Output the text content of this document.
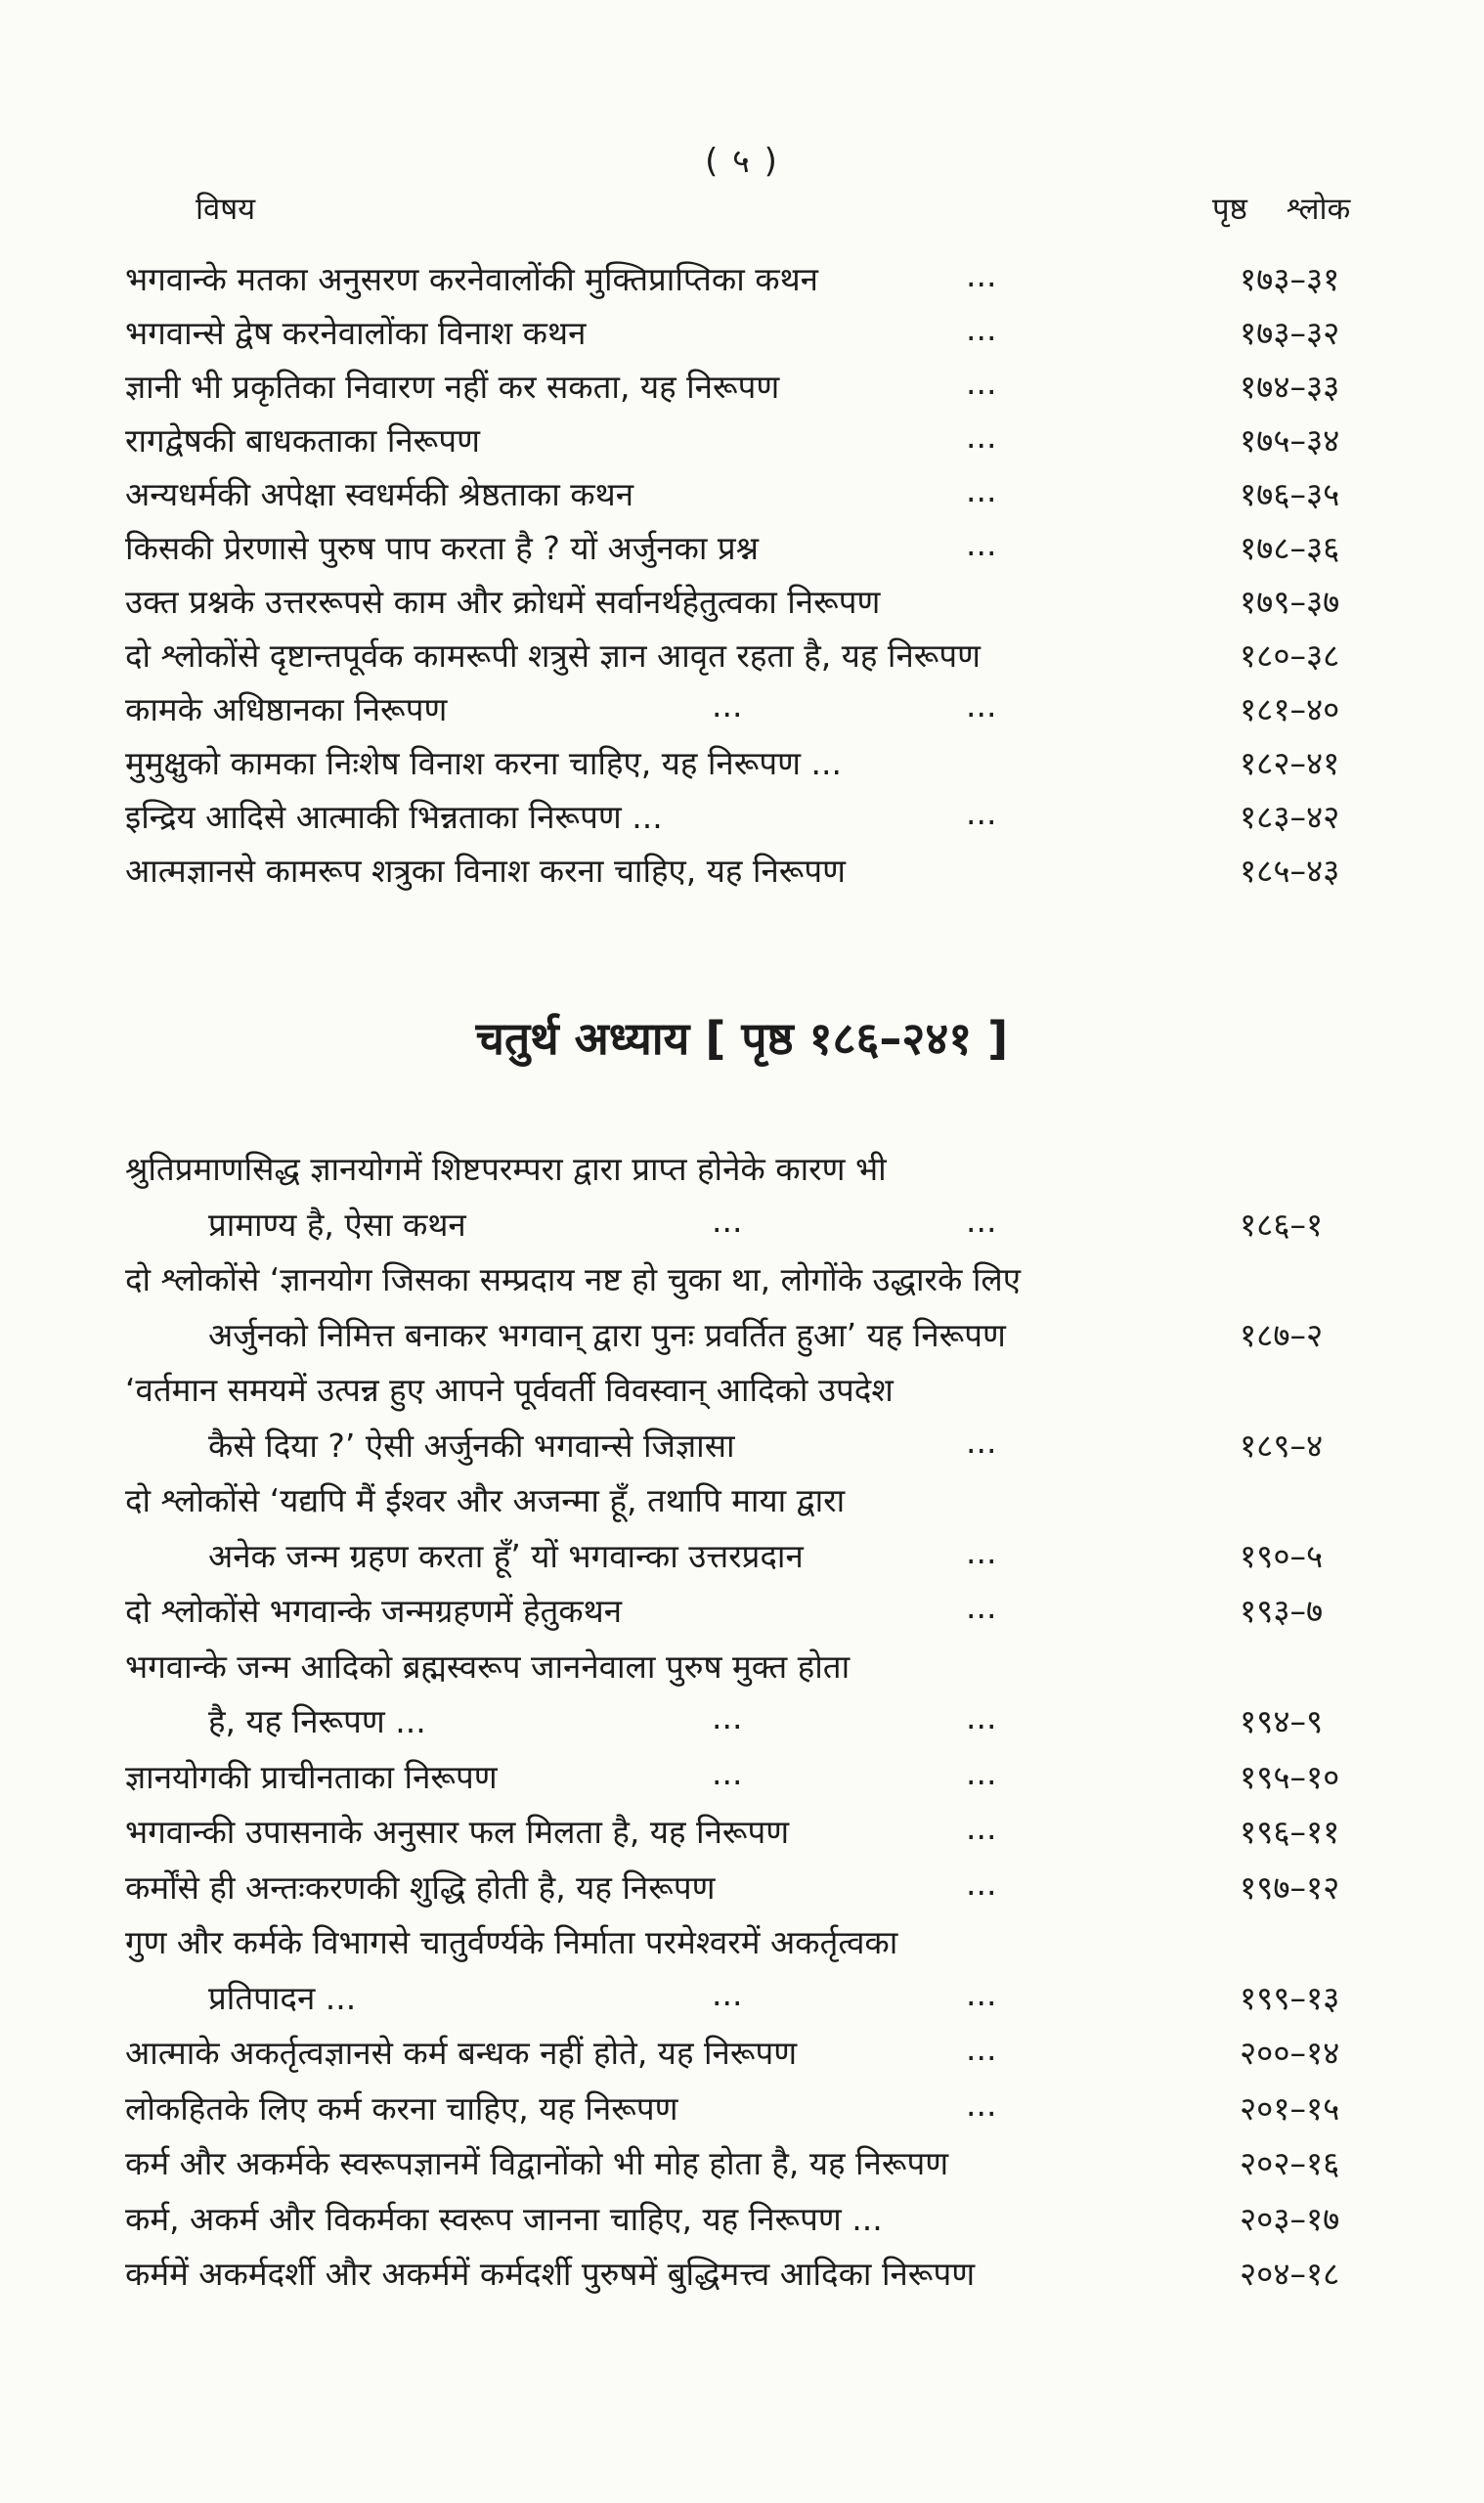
( ५ )
विषय	पृष्ठ श्लोक
भगवान्के मतका अनुसरण करनेवालोंकी मुक्तिप्राप्तिका कथन	...	१७३–३१
भगवान्से द्वेष करनेवालोंका विनाश कथन	...	१७३–३२
ज्ञानी भी प्रकृतिका निवारण नहीं कर सकता, यह निरूपण	...	१७४–३३
रागद्वेषकी बाधकताका निरूपण	...	१७५–३४
अन्यधर्मकी अपेक्षा स्वधर्मकी श्रेष्ठताका कथन	...	१७६–३५
किसकी प्रेरणासे पुरुष पाप करता है ? यों अर्जुनका प्रश्न	...	१७८–३६
उक्त प्रश्नके उत्तररूपसे काम और क्रोधमें सर्वानर्थहेतुत्वका निरूपण	१७९–३७
दो श्लोकोंसे दृष्टान्तपूर्वक कामरूपी शत्रुसे ज्ञान आवृत रहता है, यह निरूपण	१८०–३८
कामके अधिष्ठानका निरूपण	...	...	१८१–४०
मुमुक्षुको कामका निःशेष विनाश करना चाहिए, यह निरूपण ...	१८२–४१
इन्द्रिय आदिसे आत्माकी भिन्नताका निरूपण ...	...	१८३–४२
आत्मज्ञानसे कामरूप शत्रुका विनाश करना चाहिए, यह निरूपण	१८५–४३
चतुर्थ अध्याय [ पृष्ठ १८६–२४१ ]
श्रुतिप्रमाणसिद्ध ज्ञानयोगमें शिष्टपरम्परा द्वारा प्राप्त होनेके कारण भी
प्रामाण्य है, ऐसा कथन	...	...	१८६–१
दो श्लोकोंसे ‘ज्ञानयोग जिसका सम्प्रदाय नष्ट हो चुका था, लोगोंके उद्धारके लिए
अर्जुनको निमित्त बनाकर भगवान् द्वारा पुनः प्रवर्तित हुआ’ यह निरूपण	१८७–२
‘वर्तमान समयमें उत्पन्न हुए आपने पूर्ववर्ती विवस्वान् आदिको उपदेश
कैसे दिया ?’ ऐसी अर्जुनकी भगवान्से जिज्ञासा	...	१८९–४
दो श्लोकोंसे ‘यद्यपि मैं ईश्वर और अजन्मा हूँ, तथापि माया द्वारा
अनेक जन्म ग्रहण करता हूँ’ यों भगवान्का उत्तरप्रदान	...	१९०–५
दो श्लोकोंसे भगवान्के जन्मग्रहणमें हेतुकथन	...	१९३–७
भगवान्के जन्म आदिको ब्रह्मस्वरूप जाननेवाला पुरुष मुक्त होता
है, यह निरूपण ...	...	...	१९४–९
ज्ञानयोगकी प्राचीनताका निरूपण	...	...	१९५–१०
भगवान्की उपासनाके अनुसार फल मिलता है, यह निरूपण	...	१९६–११
कर्मोंसे ही अन्तःकरणकी शुद्धि होती है, यह निरूपण	...	१९७–१२
गुण और कर्मके विभागसे चातुर्वर्ण्यके निर्माता परमेश्वरमें अकर्तृत्वका
प्रतिपादन ...	...	...	१९९–१३
आत्माके अकर्तृत्वज्ञानसे कर्म बन्धक नहीं होते, यह निरूपण	...	२००–१४
लोकहितके लिए कर्म करना चाहिए, यह निरूपण	...	२०१–१५
कर्म और अकर्मके स्वरूपज्ञानमें विद्वानोंको भी मोह होता है, यह निरूपण	२०२–१६
कर्म, अकर्म और विकर्मका स्वरूप जानना चाहिए, यह निरूपण ...	२०३–१७
कर्ममें अकर्मदर्शी और अकर्ममें कर्मदर्शी पुरुषमें बुद्धिमत्त्व आदिका निरूपण	२०४–१८
